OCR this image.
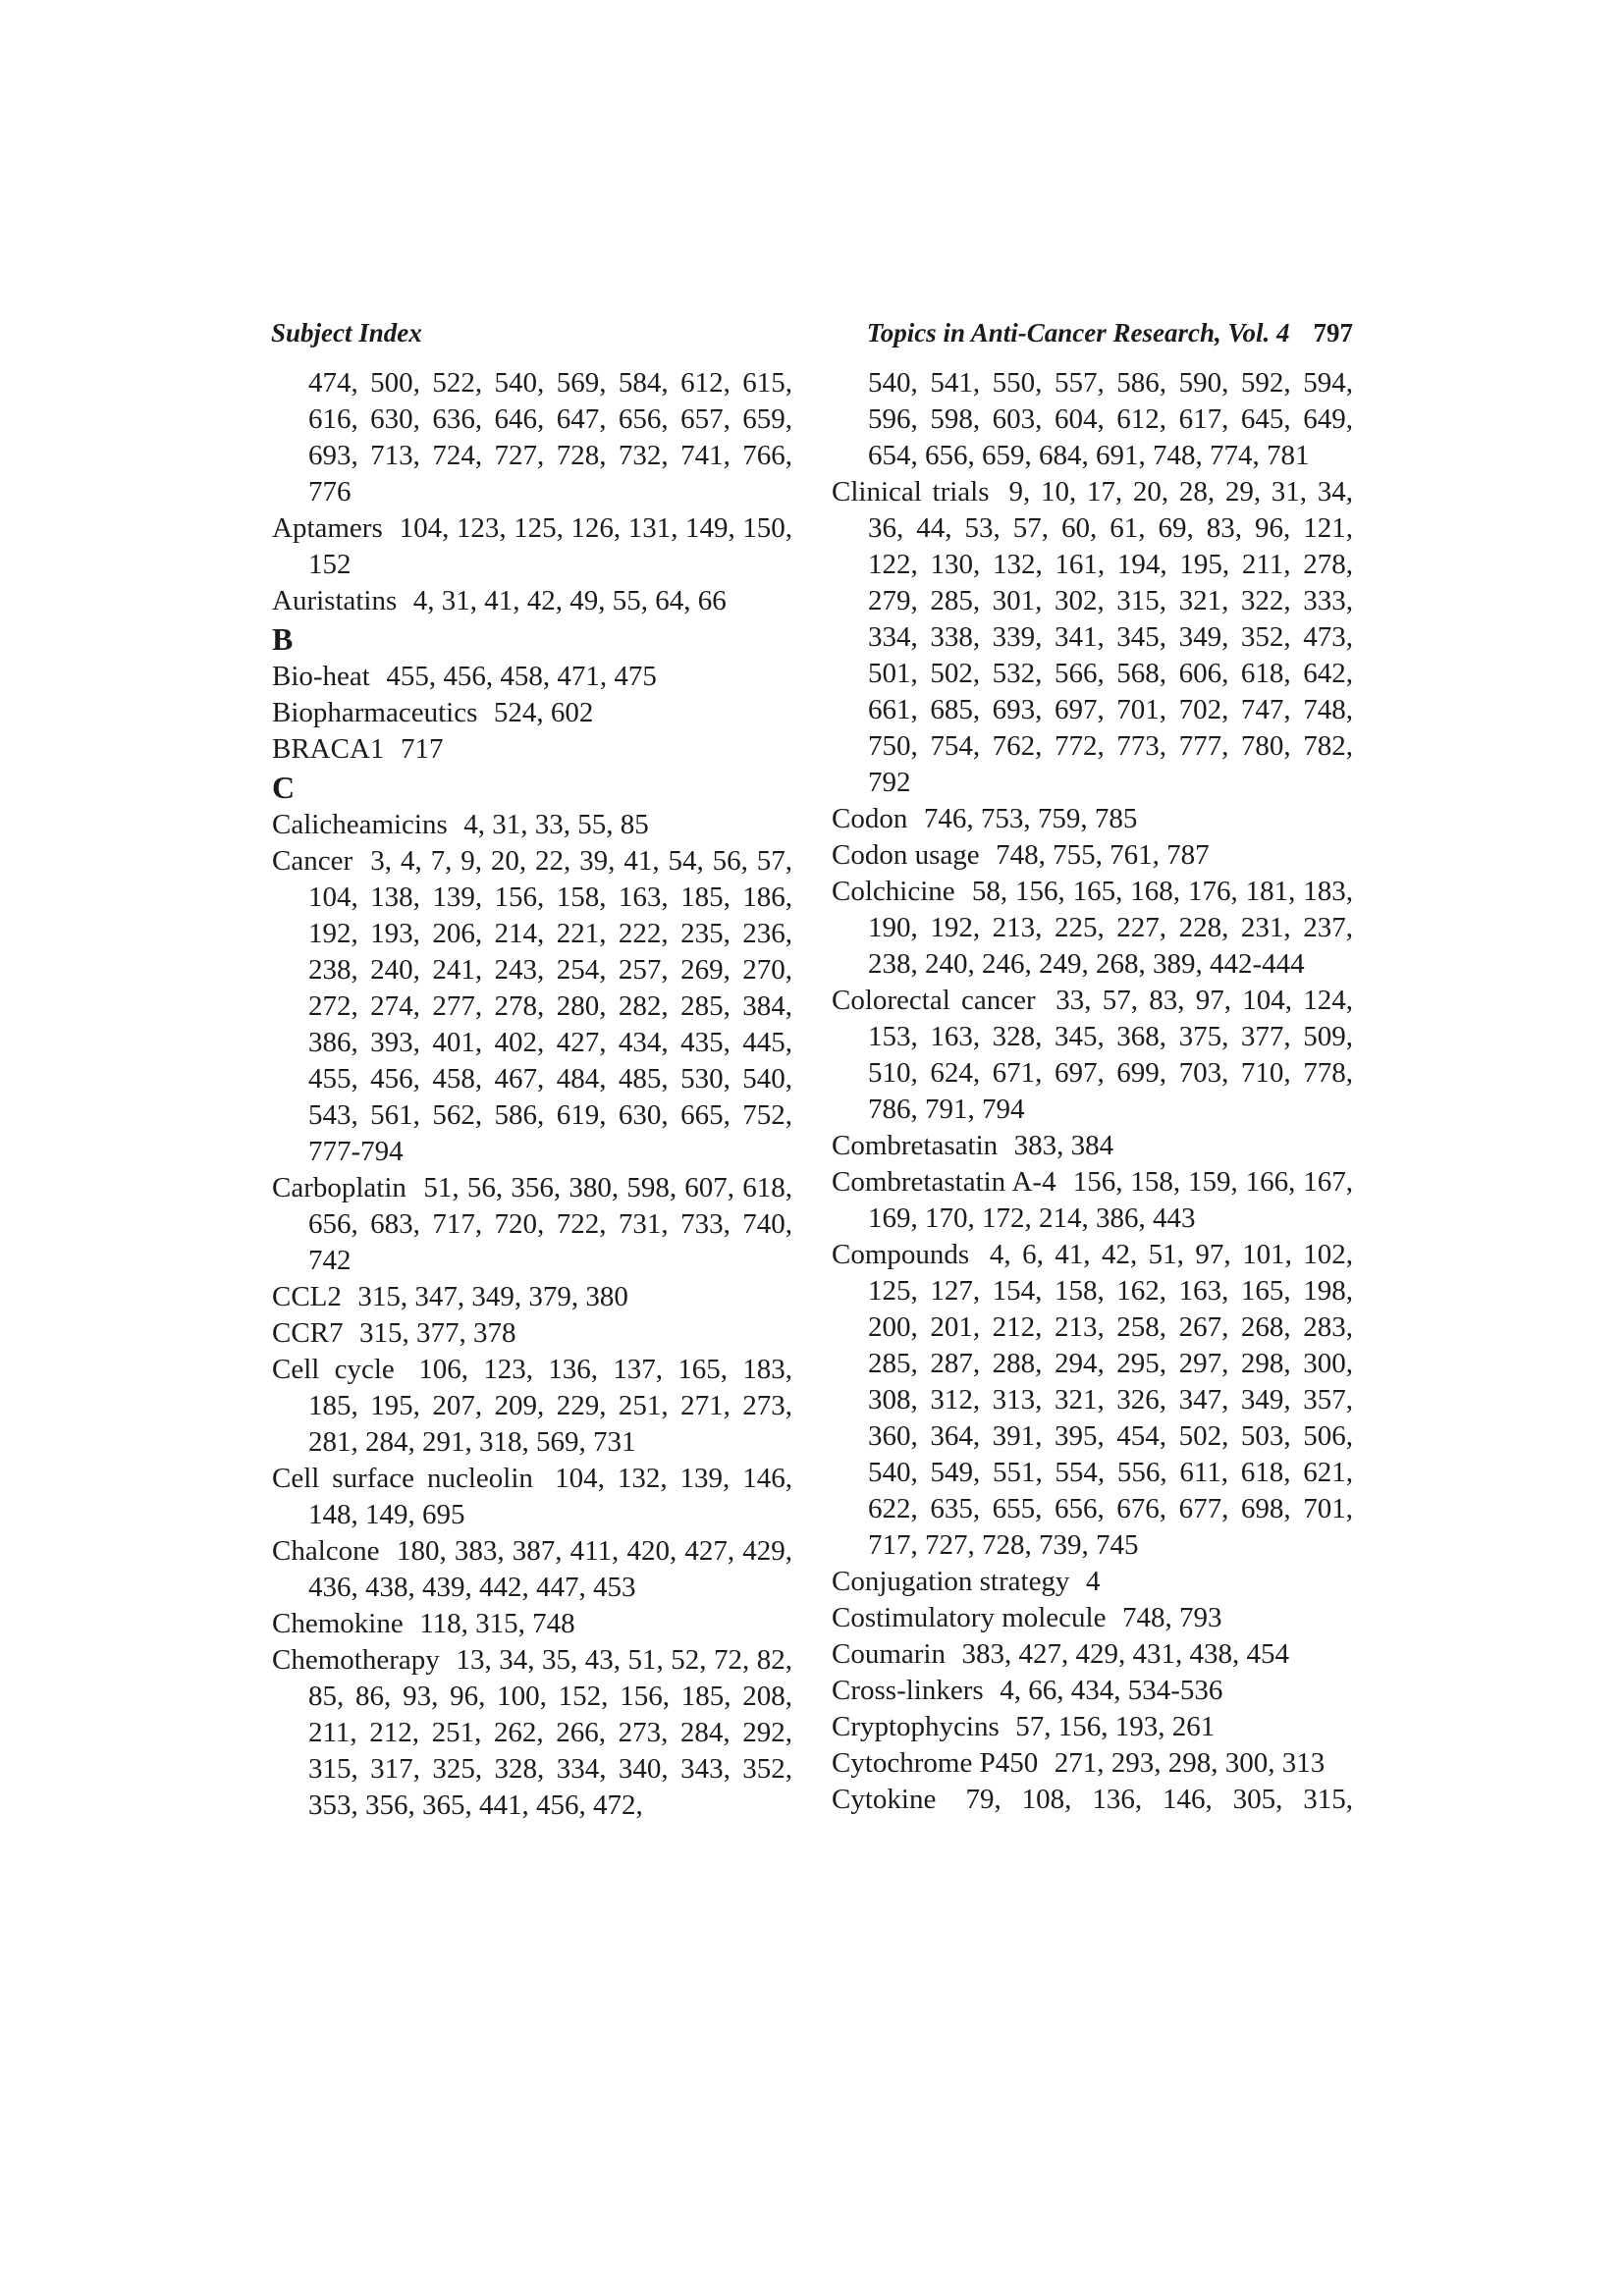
Subject Index	Topics in Anti-Cancer Research, Vol. 4 797

474, 500, 522, 540, 569, 584, 612, 615, 616, 630, 636, 646, 647, 656, 657, 659, 693, 713, 724, 727, 728, 732, 741, 766, 776

Aptamers 104, 123, 125, 126, 131, 149, 150, 152

Auristatins 4, 31, 41, 42, 49, 55, 64, 66

B

Bio-heat 455, 456, 458, 471, 475

Biopharmaceutics 524, 602

BRACA1 717

C

Calicheamicins 4, 31, 33, 55, 85

Cancer 3, 4, 7, 9, 20, 22, 39, 41, 54, 56, 57, 104, 138, 139, 156, 158, 163, 185, 186, 192, 193, 206, 214, 221, 222, 235, 236, 238, 240, 241, 243, 254, 257, 269, 270, 272, 274, 277, 278, 280, 282, 285, 384, 386, 393, 401, 402, 427, 434, 435, 445, 455, 456, 458, 467, 484, 485, 530, 540, 543, 561, 562, 586, 619, 630, 665, 752, 777-794

Carboplatin 51, 56, 356, 380, 598, 607, 618, 656, 683, 717, 720, 722, 731, 733, 740, 742

CCL2 315, 347, 349, 379, 380

CCR7 315, 377, 378

Cell cycle 106, 123, 136, 137, 165, 183, 185, 195, 207, 209, 229, 251, 271, 273, 281, 284, 291, 318, 569, 731

Cell surface nucleolin 104, 132, 139, 146, 148, 149, 695

Chalcone 180, 383, 387, 411, 420, 427, 429, 436, 438, 439, 442, 447, 453

Chemokine 118, 315, 748

Chemotherapy 13, 34, 35, 43, 51, 52, 72, 82, 85, 86, 93, 96, 100, 152, 156, 185, 208, 211, 212, 251, 262, 266, 273, 284, 292, 315, 317, 325, 328, 334, 340, 343, 352, 353, 356, 365, 441, 456, 472,

540, 541, 550, 557, 586, 590, 592, 594, 596, 598, 603, 604, 612, 617, 645, 649, 654, 656, 659, 684, 691, 748, 774, 781

Clinical trials 9, 10, 17, 20, 28, 29, 31, 34, 36, 44, 53, 57, 60, 61, 69, 83, 96, 121, 122, 130, 132, 161, 194, 195, 211, 278, 279, 285, 301, 302, 315, 321, 322, 333, 334, 338, 339, 341, 345, 349, 352, 473, 501, 502, 532, 566, 568, 606, 618, 642, 661, 685, 693, 697, 701, 702, 747, 748, 750, 754, 762, 772, 773, 777, 780, 782, 792

Codon 746, 753, 759, 785

Codon usage 748, 755, 761, 787

Colchicine 58, 156, 165, 168, 176, 181, 183, 190, 192, 213, 225, 227, 228, 231, 237, 238, 240, 246, 249, 268, 389, 442-444

Colorectal cancer 33, 57, 83, 97, 104, 124, 153, 163, 328, 345, 368, 375, 377, 509, 510, 624, 671, 697, 699, 703, 710, 778, 786, 791, 794

Combretasatin 383, 384

Combretastatin A-4 156, 158, 159, 166, 167, 169, 170, 172, 214, 386, 443

Compounds 4, 6, 41, 42, 51, 97, 101, 102, 125, 127, 154, 158, 162, 163, 165, 198, 200, 201, 212, 213, 258, 267, 268, 283, 285, 287, 288, 294, 295, 297, 298, 300, 308, 312, 313, 321, 326, 347, 349, 357, 360, 364, 391, 395, 454, 502, 503, 506, 540, 549, 551, 554, 556, 611, 618, 621, 622, 635, 655, 656, 676, 677, 698, 701, 717, 727, 728, 739, 745

Conjugation strategy 4

Costimulatory molecule 748, 793

Coumarin 383, 427, 429, 431, 438, 454

Cross-linkers 4, 66, 434, 534-536

Cryptophycins 57, 156, 193, 261

Cytochrome P450 271, 293, 298, 300, 313

Cytokine 79, 108, 136, 146, 305, 315,
